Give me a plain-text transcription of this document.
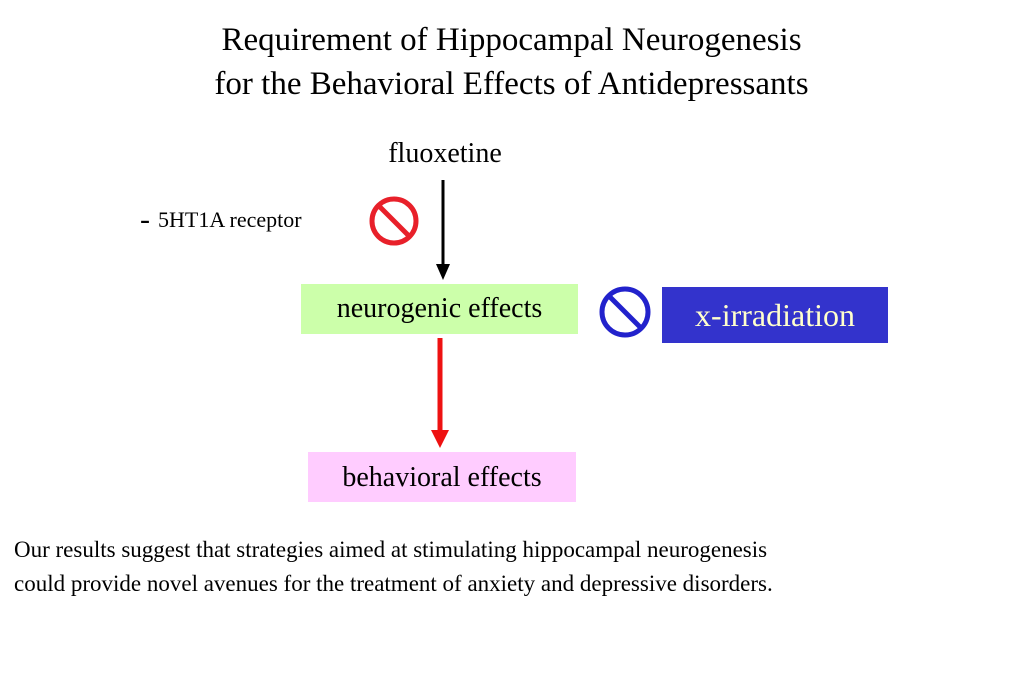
Requirement of Hippocampal Neurogenesis
for the Behavioral Effects of Antidepressants
fluoxetine
- 5HT1A receptor
neurogenic effects
behavioral effects
x-irradiation
Our results suggest that strategies aimed at stimulating hippocampal neurogenesis
could provide novel avenues for the treatment of anxiety and depressive disorders.
